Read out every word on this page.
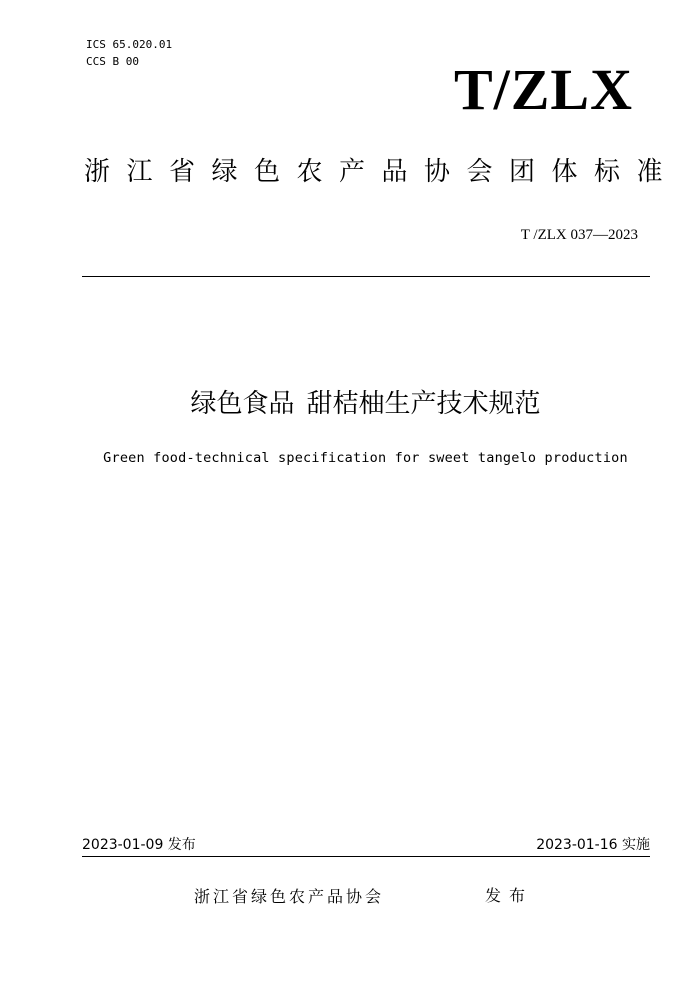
ICS 65.020.01
CCS B 00	T/ZLX
浙江省绿色农产品协会团体标准
T /ZLX 037—2023
绿色食品 甜桔柚生产技术规范
Green food-technical specification for sweet tangelo production
2023-01-09 发布	2023-01-16 实施
浙江省绿色农产品协会	发布
